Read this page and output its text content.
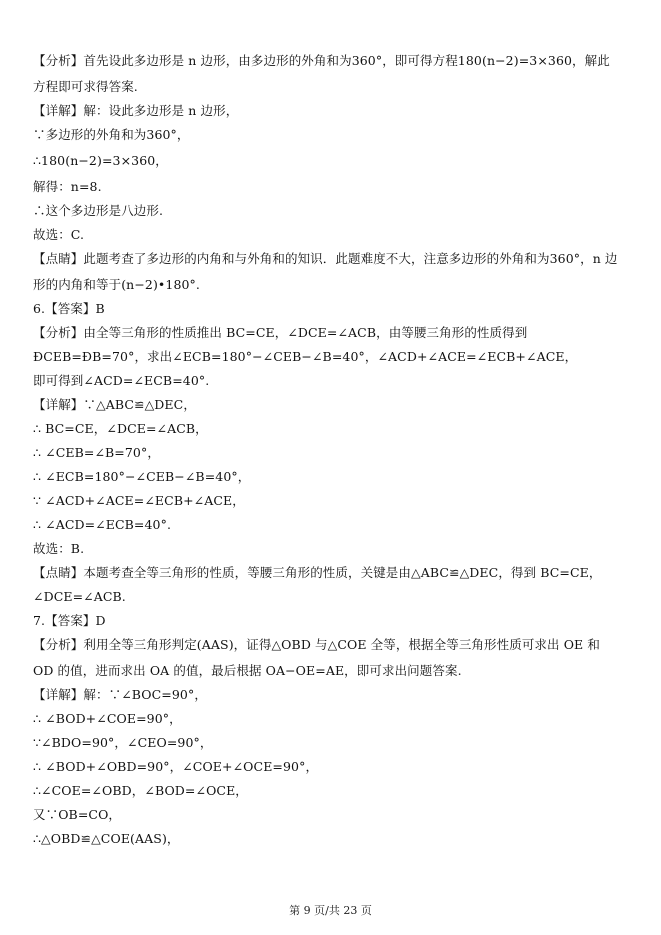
【分析】首先设此多边形是 n 边形，由多边形的外角和为360°，即可得方程180(n−2)=3×360，解此
方程即可求得答案.
【详解】解：设此多边形是 n 边形，
∵多边形的外角和为360°，
∴180(n−2)=3×360，
解得：n=8.
∴这个多边形是八边形.
故选：C.
【点睛】此题考查了多边形的内角和与外角和的知识．此题难度不大，注意多边形的外角和为360°，n 边
形的内角和等于(n−2)•180°.
6.【答案】B
【分析】由全等三角形的性质推出 BC=CE，∠DCE=∠ACB，由等腰三角形的性质得到
ĐCEB=ĐB=70°，求出∠ECB=180°−∠CEB−∠B=40°，∠ACD+∠ACE=∠ECB+∠ACE，
即可得到∠ACD=∠ECB=40°.
【详解】∵△ABC≌△DEC，
∴ BC=CE，∠DCE=∠ACB，
∴ ∠CEB=∠B=70°，
∴ ∠ECB=180°−∠CEB−∠B=40°，
∵ ∠ACD+∠ACE=∠ECB+∠ACE，
∴ ∠ACD=∠ECB=40°.
故选：B.
【点睛】本题考查全等三角形的性质，等腰三角形的性质，关键是由△ABC≌△DEC，得到 BC=CE，
∠DCE=∠ACB.
7.【答案】D
【分析】利用全等三角形判定(AAS)，证得△OBD 与△COE 全等，根据全等三角形性质可求出 OE 和
OD 的值，进而求出 OA 的值，最后根据 OA−OE=AE，即可求出问题答案.
【详解】解：∵∠BOC=90°，
∴ ∠BOD+∠COE=90°，
∵∠BDO=90°，∠CEO=90°，
∴ ∠BOD+∠OBD=90°，∠COE+∠OCE=90°，
∴∠COE=∠OBD，∠BOD=∠OCE，
又∵OB=CO，
∴△OBD≌△COE(AAS)，
第 9 页/共 23 页
